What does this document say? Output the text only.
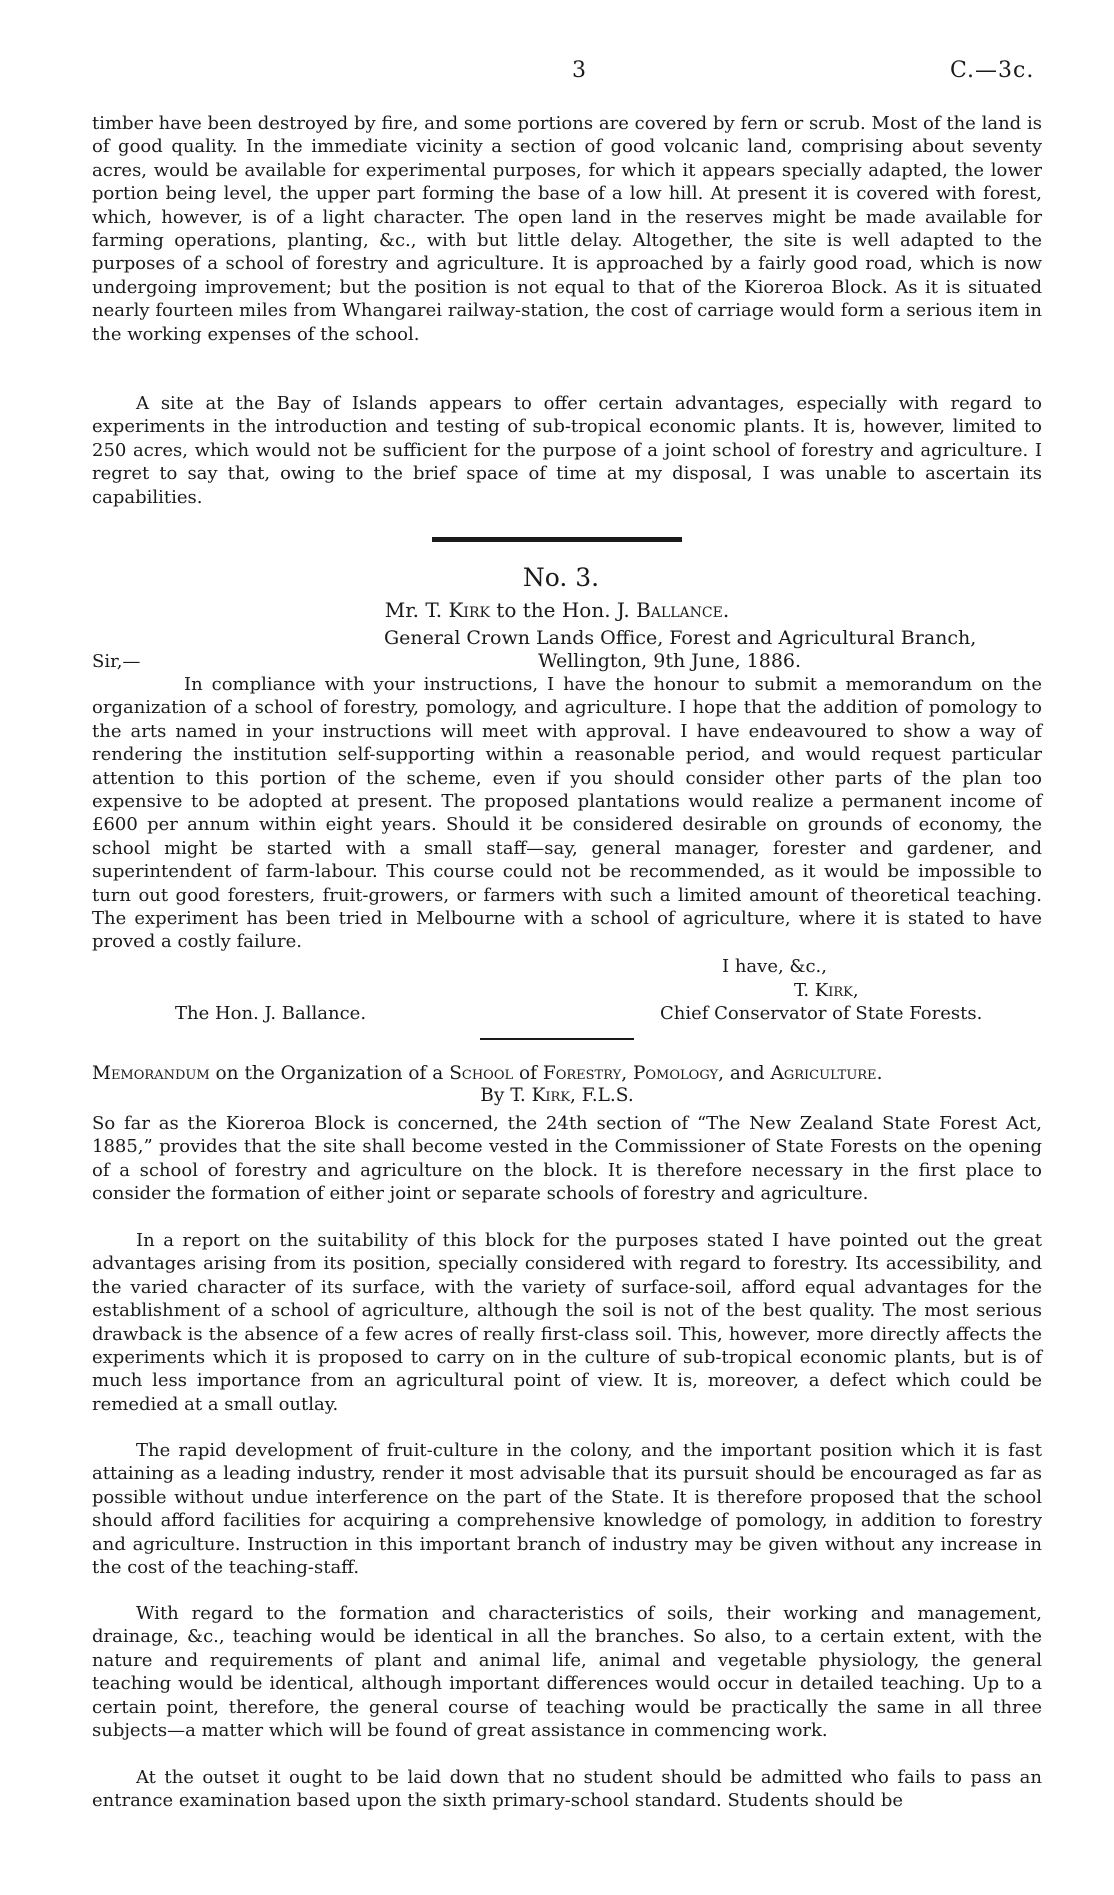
3	C.—3c.

timber have been destroyed by fire, and some portions are covered by fern or scrub. Most of the land is of good quality. In the immediate vicinity a section of good volcanic land, comprising about seventy acres, would be available for experimental purposes, for which it appears specially adapted, the lower portion being level, the upper part forming the base of a low hill. At present it is covered with forest, which, however, is of a light character. The open land in the reserves might be made available for farming operations, planting, &c., with but little delay. Altogether, the site is well adapted to the purposes of a school of forestry and agriculture. It is approached by a fairly good road, which is now undergoing improvement; but the position is not equal to that of the Kioreroa Block. As it is situated nearly fourteen miles from Whangarei railway-station, the cost of carriage would form a serious item in the working expenses of the school.

A site at the Bay of Islands appears to offer certain advantages, especially with regard to experiments in the introduction and testing of sub-tropical economic plants. It is, however, limited to 250 acres, which would not be sufficient for the purpose of a joint school of forestry and agriculture. I regret to say that, owing to the brief space of time at my disposal, I was unable to ascertain its capabilities.

No. 3.
Mr. T. Kirk to the Hon. J. Ballance.
General Crown Lands Office, Forest and Agricultural Branch,
Sir,—	Wellington, 9th June, 1886.

In compliance with your instructions, I have the honour to submit a memorandum on the organization of a school of forestry, pomology, and agriculture. I hope that the addition of pomology to the arts named in your instructions will meet with approval. I have endeavoured to show a way of rendering the institution self-supporting within a reasonable period, and would request particular attention to this portion of the scheme, even if you should consider other parts of the plan too expensive to be adopted at present. The proposed plantations would realize a permanent income of £600 per annum within eight years. Should it be considered desirable on grounds of economy, the school might be started with a small staff—say, general manager, forester and gardener, and superintendent of farm-labour. This course could not be recommended, as it would be impossible to turn out good foresters, fruit-growers, or farmers with such a limited amount of theoretical teaching. The experiment has been tried in Melbourne with a school of agriculture, where it is stated to have proved a costly failure.

I have, &c.,
T. Kirk,
The Hon. J. Ballance.	Chief Conservator of State Forests.
Memorandum on the Organization of a School of Forestry, Pomology, and Agriculture.
By T. Kirk, F.L.S.

So far as the Kioreroa Block is concerned, the 24th section of “The New Zealand State Forest Act, 1885,” provides that the site shall become vested in the Commissioner of State Forests on the opening of a school of forestry and agriculture on the block. It is therefore necessary in the first place to consider the formation of either joint or separate schools of forestry and agriculture.

In a report on the suitability of this block for the purposes stated I have pointed out the great advantages arising from its position, specially considered with regard to forestry. Its accessibility, and the varied character of its surface, with the variety of surface-soil, afford equal advantages for the establishment of a school of agriculture, although the soil is not of the best quality. The most serious drawback is the absence of a few acres of really first-class soil. This, however, more directly affects the experiments which it is proposed to carry on in the culture of sub-tropical economic plants, but is of much less importance from an agricultural point of view. It is, moreover, a defect which could be remedied at a small outlay.

The rapid development of fruit-culture in the colony, and the important position which it is fast attaining as a leading industry, render it most advisable that its pursuit should be encouraged as far as possible without undue interference on the part of the State. It is therefore proposed that the school should afford facilities for acquiring a comprehensive knowledge of pomology, in addition to forestry and agriculture. Instruction in this important branch of industry may be given without any increase in the cost of the teaching-staff.

With regard to the formation and characteristics of soils, their working and management, drainage, &c., teaching would be identical in all the branches. So also, to a certain extent, with the nature and requirements of plant and animal life, animal and vegetable physiology, the general teaching would be identical, although important differences would occur in detailed teaching. Up to a certain point, therefore, the general course of teaching would be practically the same in all three subjects—a matter which will be found of great assistance in commencing work.

At the outset it ought to be laid down that no student should be admitted who fails to pass an entrance examination based upon the sixth primary-school standard. Students should be
